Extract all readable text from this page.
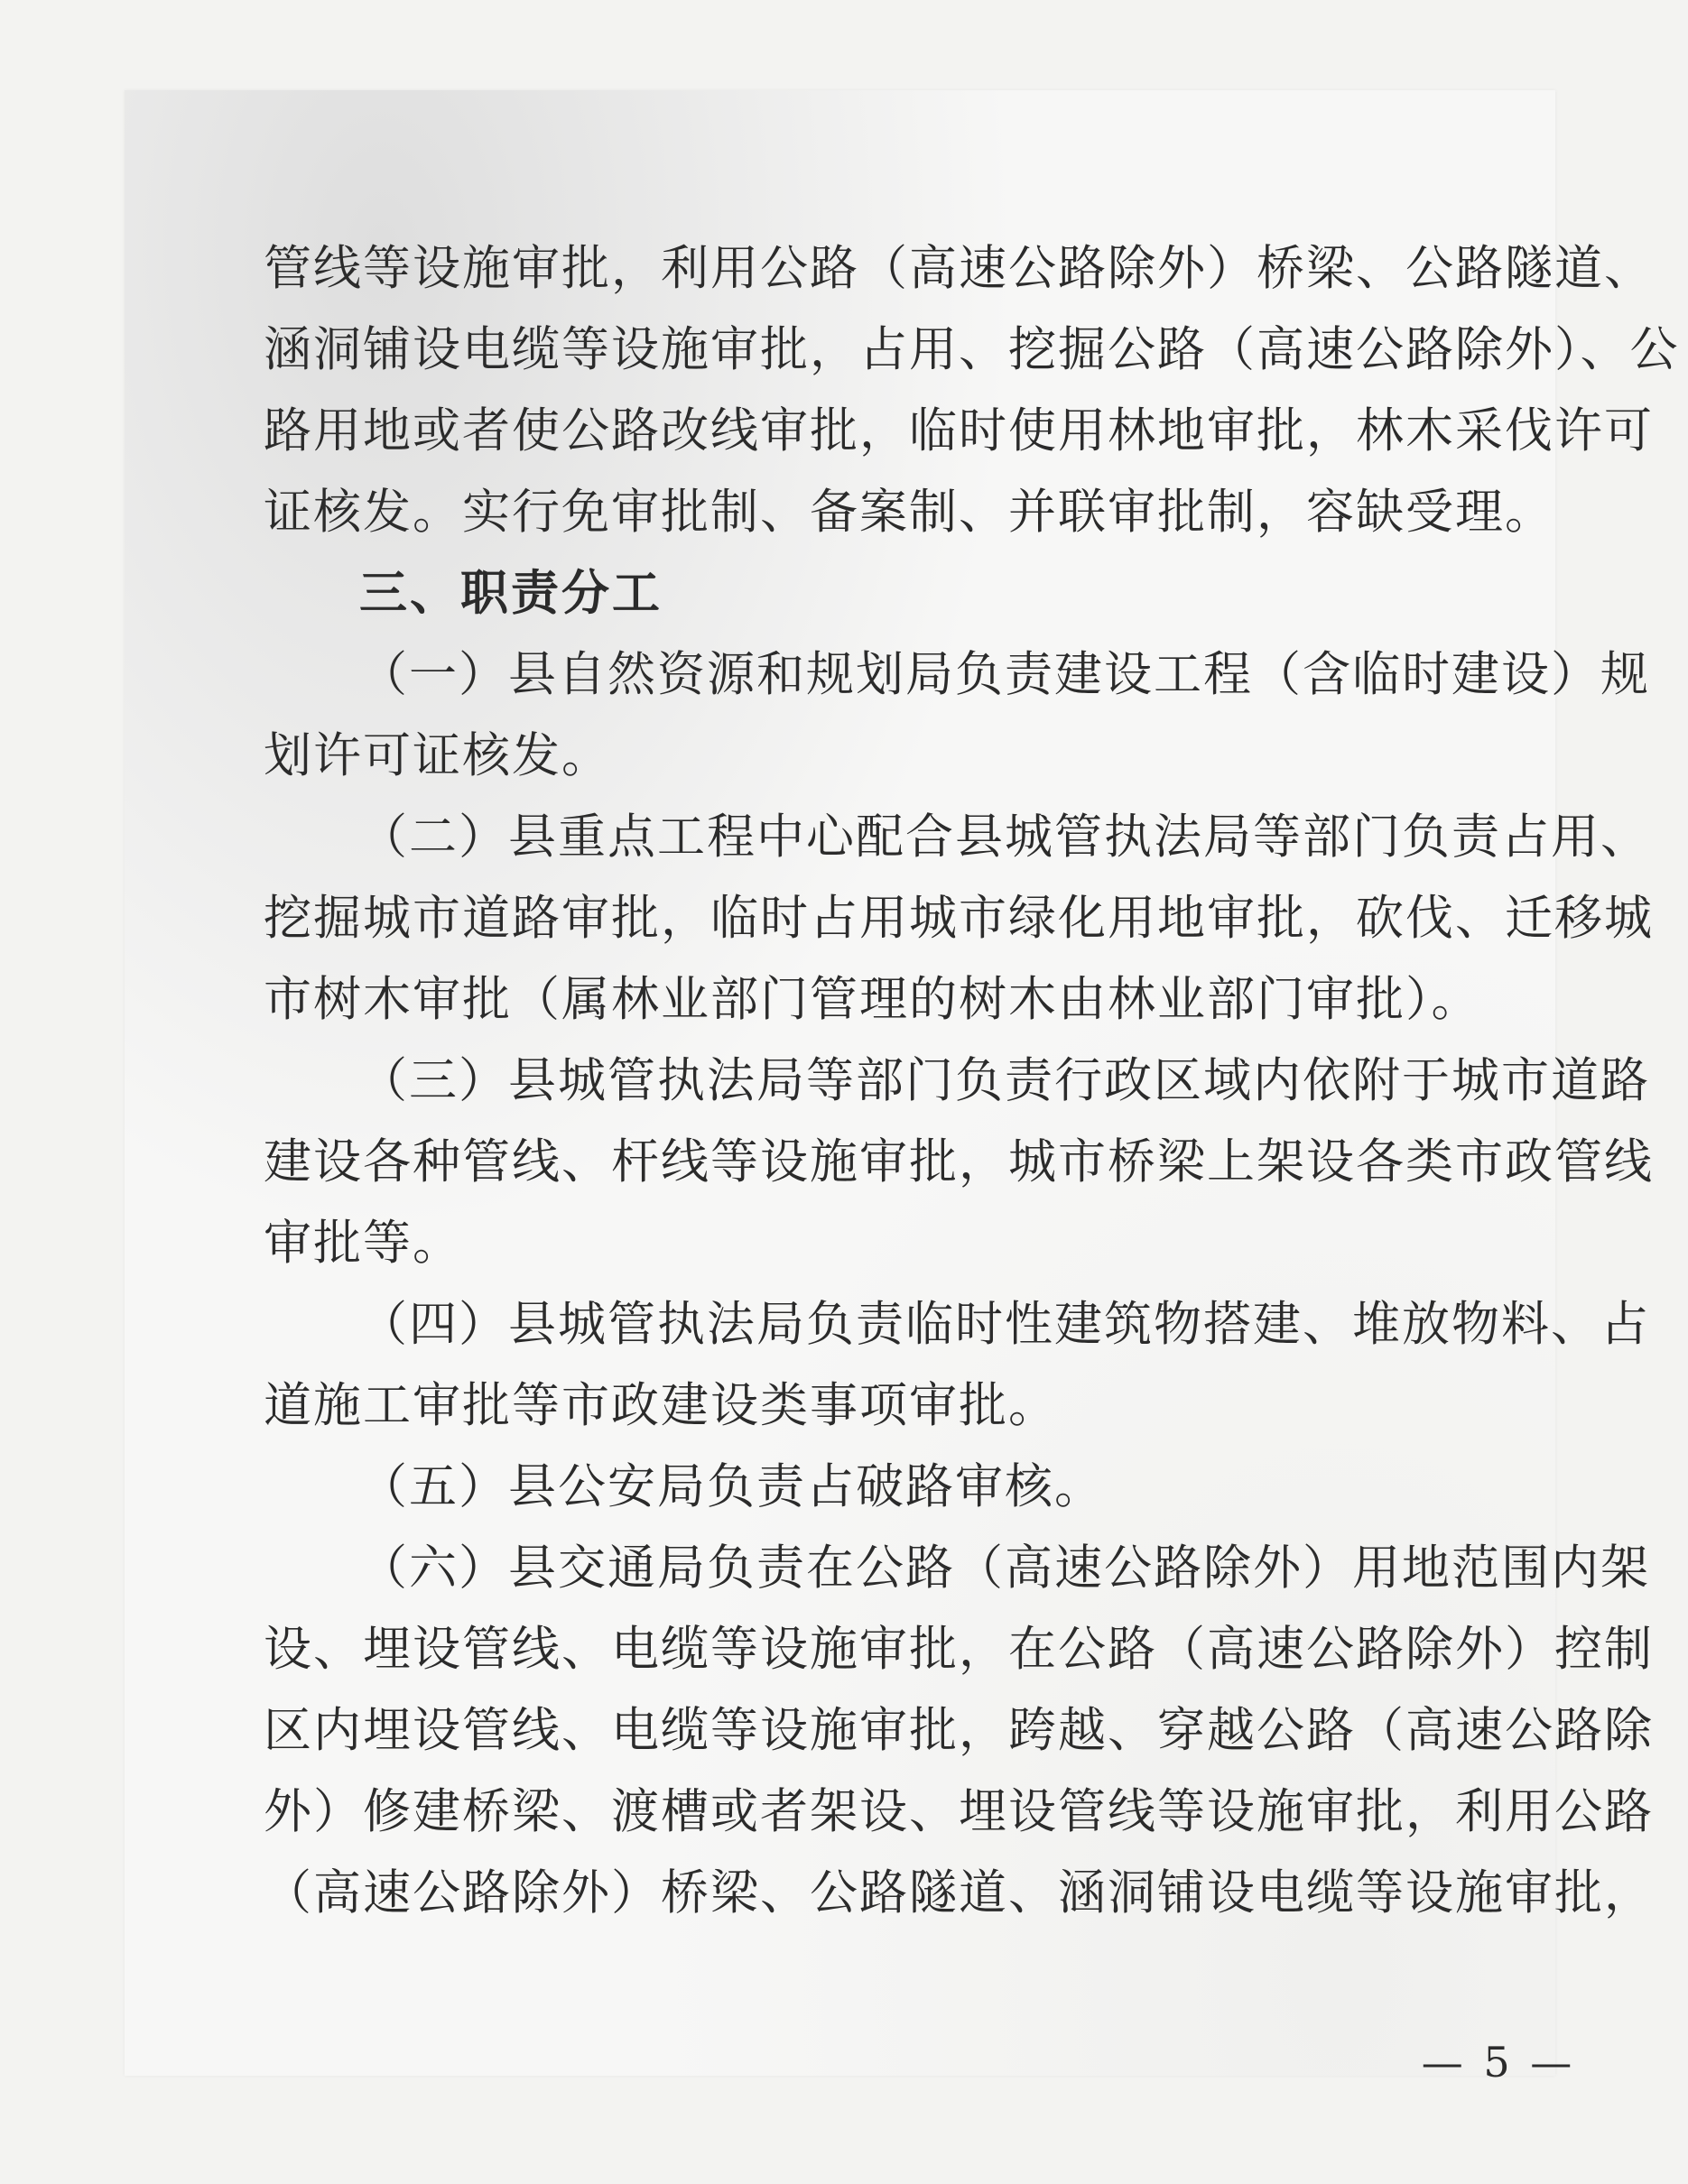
管线等设施审批，利用公路（高速公路除外）桥梁、公路隧道、
涵洞铺设电缆等设施审批，占用、挖掘公路（高速公路除外）、公
路用地或者使公路改线审批，临时使用林地审批，林木采伐许可
证核发。实行免审批制、备案制、并联审批制，容缺受理。
三、职责分工
（一）县自然资源和规划局负责建设工程（含临时建设）规
划许可证核发。
（二）县重点工程中心配合县城管执法局等部门负责占用、
挖掘城市道路审批，临时占用城市绿化用地审批，砍伐、迁移城
市树木审批（属林业部门管理的树木由林业部门审批）。
（三）县城管执法局等部门负责行政区域内依附于城市道路
建设各种管线、杆线等设施审批，城市桥梁上架设各类市政管线
审批等。
（四）县城管执法局负责临时性建筑物搭建、堆放物料、占
道施工审批等市政建设类事项审批。
（五）县公安局负责占破路审核。
（六）县交通局负责在公路（高速公路除外）用地范围内架
设、埋设管线、电缆等设施审批，在公路（高速公路除外）控制
区内埋设管线、电缆等设施审批，跨越、穿越公路（高速公路除
外）修建桥梁、渡槽或者架设、埋设管线等设施审批，利用公路
（高速公路除外）桥梁、公路隧道、涵洞铺设电缆等设施审批，
— 5 —
